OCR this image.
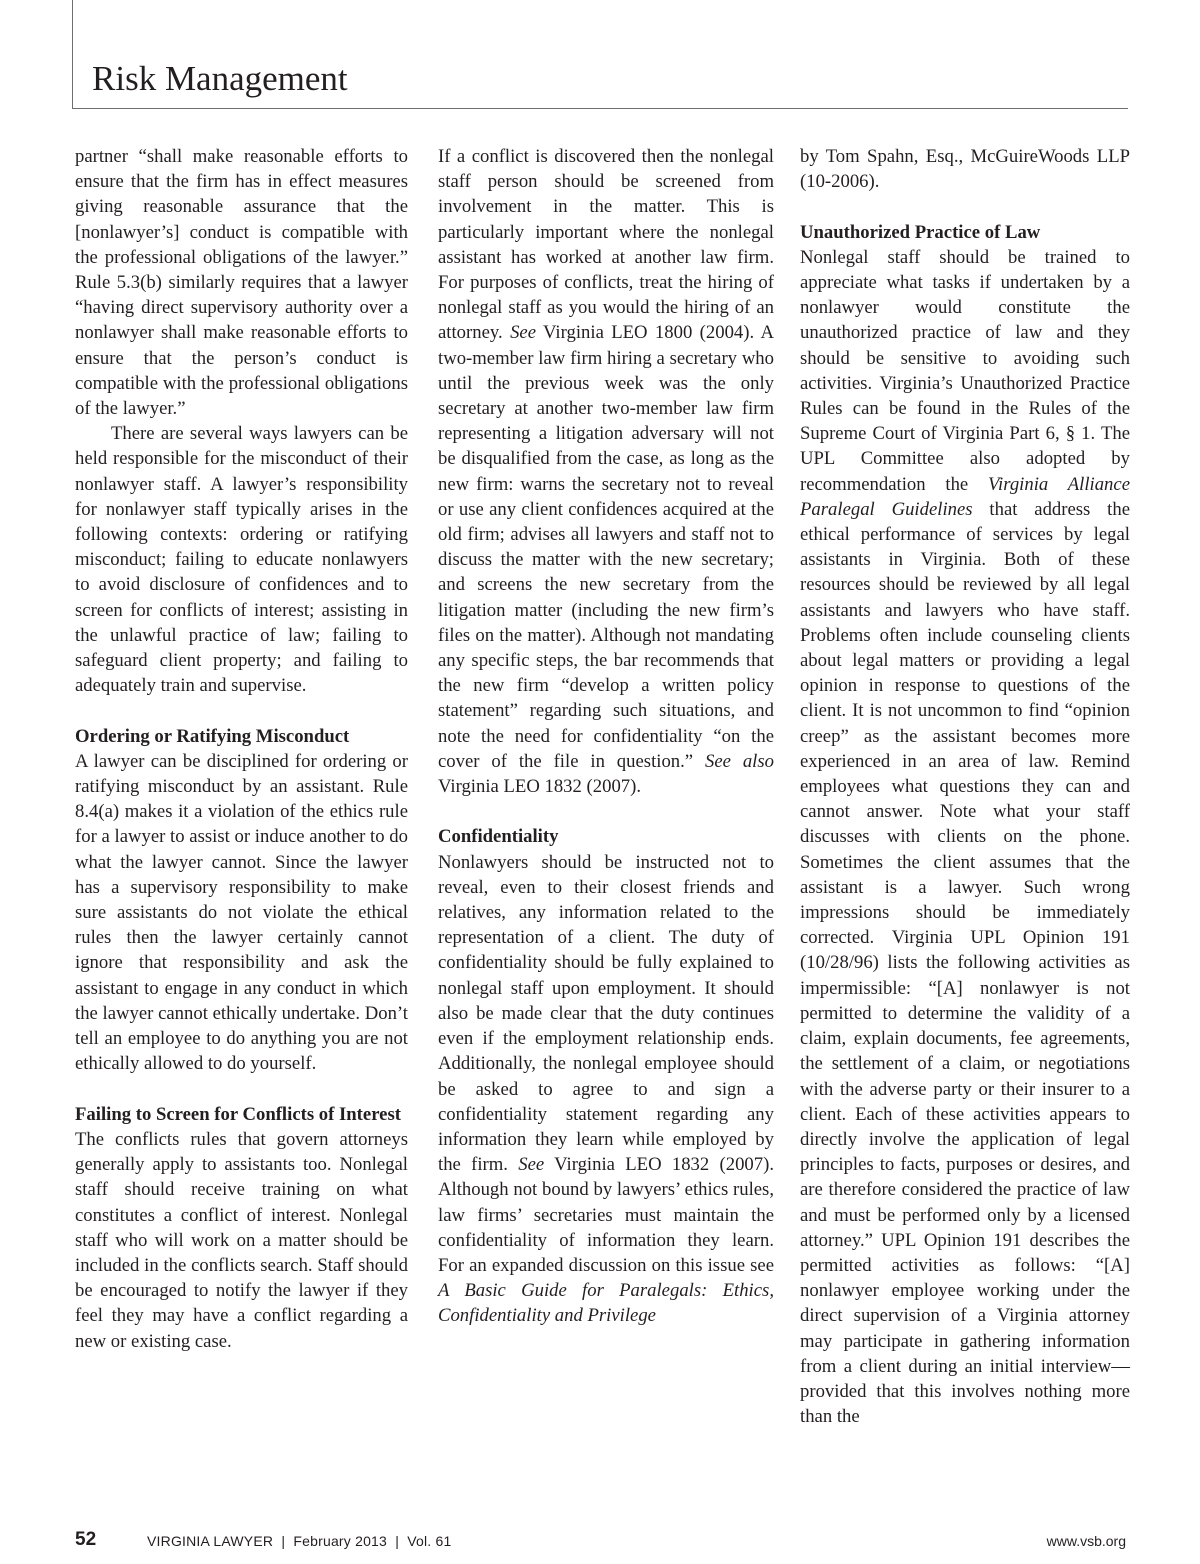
Risk Management

partner “shall make reasonable efforts to ensure that the firm has in effect measures giving reasonable assurance that the [nonlawyer’s] conduct is compatible with the professional obligations of the lawyer.” Rule 5.3(b) similarly requires that a lawyer “having direct supervisory authority over a nonlawyer shall make reasonable efforts to ensure that the person’s conduct is compatible with the professional obligations of the lawyer.”

There are several ways lawyers can be held responsible for the misconduct of their nonlawyer staff. A lawyer’s responsibility for nonlawyer staff typically arises in the following contexts: ordering or ratifying misconduct; failing to educate nonlawyers to avoid disclosure of confidences and to screen for conflicts of interest; assisting in the unlawful practice of law; failing to safeguard client property; and failing to adequately train and supervise.

Ordering or Ratifying Misconduct

A lawyer can be disciplined for ordering or ratifying misconduct by an assistant. Rule 8.4(a) makes it a violation of the ethics rule for a lawyer to assist or induce another to do what the lawyer cannot. Since the lawyer has a supervisory responsibility to make sure assistants do not violate the ethical rules then the lawyer certainly cannot ignore that responsibility and ask the assistant to engage in any conduct in which the lawyer cannot ethically undertake. Don’t tell an employee to do anything you are not ethically allowed to do yourself.

Failing to Screen for Conflicts of Interest

The conflicts rules that govern attorneys generally apply to assistants too. Nonlegal staff should receive training on what constitutes a conflict of interest. Nonlegal staff who will work on a matter should be included in the conflicts search. Staff should be encouraged to notify the lawyer if they feel they may have a conflict regarding a new or existing case.

If a conflict is discovered then the nonlegal staff person should be screened from involvement in the matter. This is particularly important where the nonlegal assistant has worked at another law firm. For purposes of conflicts, treat the hiring of nonlegal staff as you would the hiring of an attorney. See Virginia LEO 1800 (2004). A two-member law firm hiring a secretary who until the previous week was the only secretary at another two-member law firm representing a litigation adversary will not be disqualified from the case, as long as the new firm: warns the secretary not to reveal or use any client confidences acquired at the old firm; advises all lawyers and staff not to discuss the matter with the new secretary; and screens the new secretary from the litigation matter (including the new firm’s files on the matter). Although not mandating any specific steps, the bar recommends that the new firm “develop a written policy statement” regarding such situations, and note the need for confidentiality “on the cover of the file in question.” See also Virginia LEO 1832 (2007).

Confidentiality

Nonlawyers should be instructed not to reveal, even to their closest friends and relatives, any information related to the representation of a client. The duty of confidentiality should be fully explained to nonlegal staff upon employment. It should also be made clear that the duty continues even if the employment relationship ends. Additionally, the nonlegal employee should be asked to agree to and sign a confidentiality statement regarding any information they learn while employed by the firm. See Virginia LEO 1832 (2007). Although not bound by lawyers’ ethics rules, law firms’ secretaries must maintain the confidentiality of information they learn. For an expanded discussion on this issue see A Basic Guide for Paralegals: Ethics, Confidentiality and Privilege

by Tom Spahn, Esq., McGuireWoods LLP (10-2006).

Unauthorized Practice of Law

Nonlegal staff should be trained to appreciate what tasks if undertaken by a nonlawyer would constitute the unauthorized practice of law and they should be sensitive to avoiding such activities. Virginia’s Unauthorized Practice Rules can be found in the Rules of the Supreme Court of Virginia Part 6, § 1. The UPL Committee also adopted by recommendation the Virginia Alliance Paralegal Guidelines that address the ethical performance of services by legal assistants in Virginia. Both of these resources should be reviewed by all legal assistants and lawyers who have staff. Problems often include counseling clients about legal matters or providing a legal opinion in response to questions of the client. It is not uncommon to find “opinion creep” as the assistant becomes more experienced in an area of law. Remind employees what questions they can and cannot answer. Note what your staff discusses with clients on the phone. Sometimes the client assumes that the assistant is a lawyer. Such wrong impressions should be immediately corrected. Virginia UPL Opinion 191 (10/28/96) lists the following activities as impermissible: “[A] nonlawyer is not permitted to determine the validity of a claim, explain documents, fee agreements, the settlement of a claim, or negotiations with the adverse party or their insurer to a client. Each of these activities appears to directly involve the application of legal principles to facts, purposes or desires, and are therefore considered the practice of law and must be performed only by a licensed attorney.” UPL Opinion 191 describes the permitted activities as follows: “[A] nonlawyer employee working under the direct supervision of a Virginia attorney may participate in gathering information from a client during an initial interview—provided that this involves nothing more than the

52	VIRGINIA LAWYER  |  February 2013  |  Vol. 61	www.vsb.org
